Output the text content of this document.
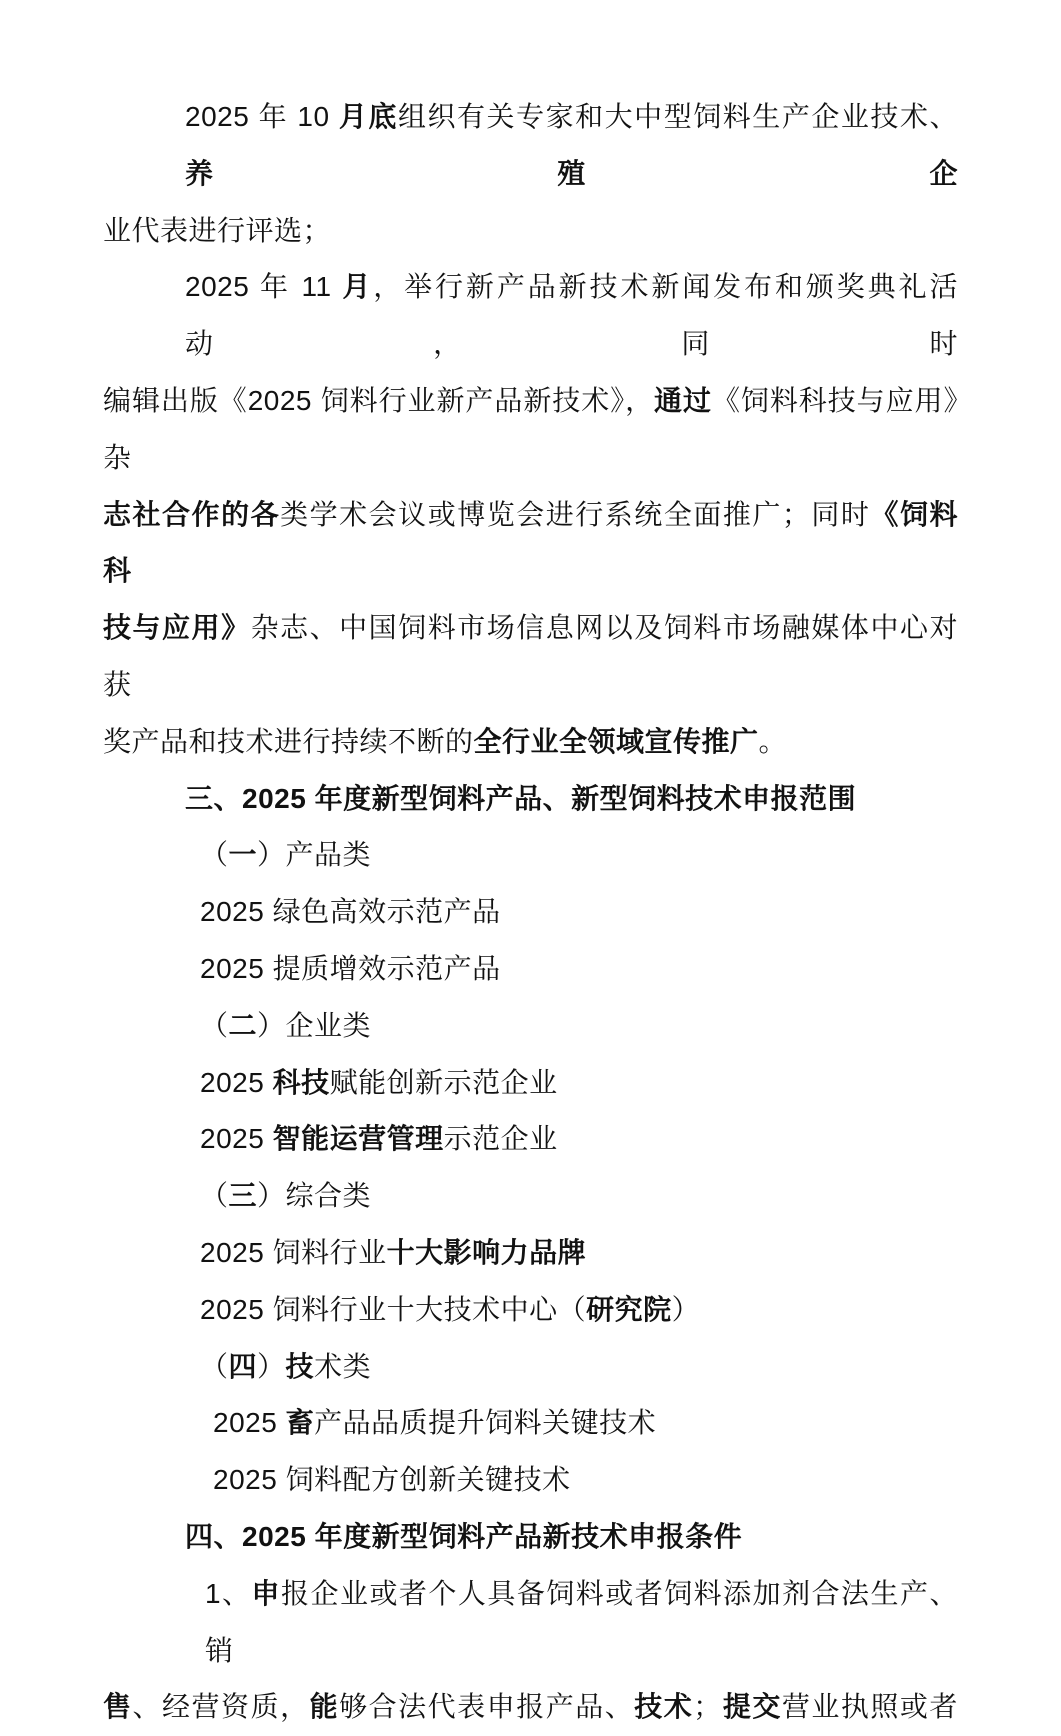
2025 年 10 月底组织有关专家和大中型饲料生产企业技术、养殖企
业代表进行评选；
2025 年 11 月，举行新产品新技术新闻发布和颁奖典礼活动，同时
编辑出版《2025 饲料行业新产品新技术》，通过《饲料科技与应用》杂
志社合作的各类学术会议或博览会进行系统全面推广；同时《饲料科
技与应用》杂志、中国饲料市场信息网以及饲料市场融媒体中心对获
奖产品和技术进行持续不断的全行业全领域宣传推广。
三、2025 年度新型饲料产品、新型饲料技术申报范围
（一）产品类
2025 绿色高效示范产品
2025 提质增效示范产品
（二）企业类
2025 科技赋能创新示范企业
2025 智能运营管理示范企业
（三）综合类
2025 饲料行业十大影响力品牌
2025 饲料行业十大技术中心（研究院）
（四）技术类
2025 畜产品品质提升饲料关键技术
2025 饲料配方创新关键技术
四、2025 年度新型饲料产品新技术申报条件
1、申报企业或者个人具备饲料或者饲料添加剂合法生产、销
售、经营资质，能够合法代表申报产品、技术；提交营业执照或者
